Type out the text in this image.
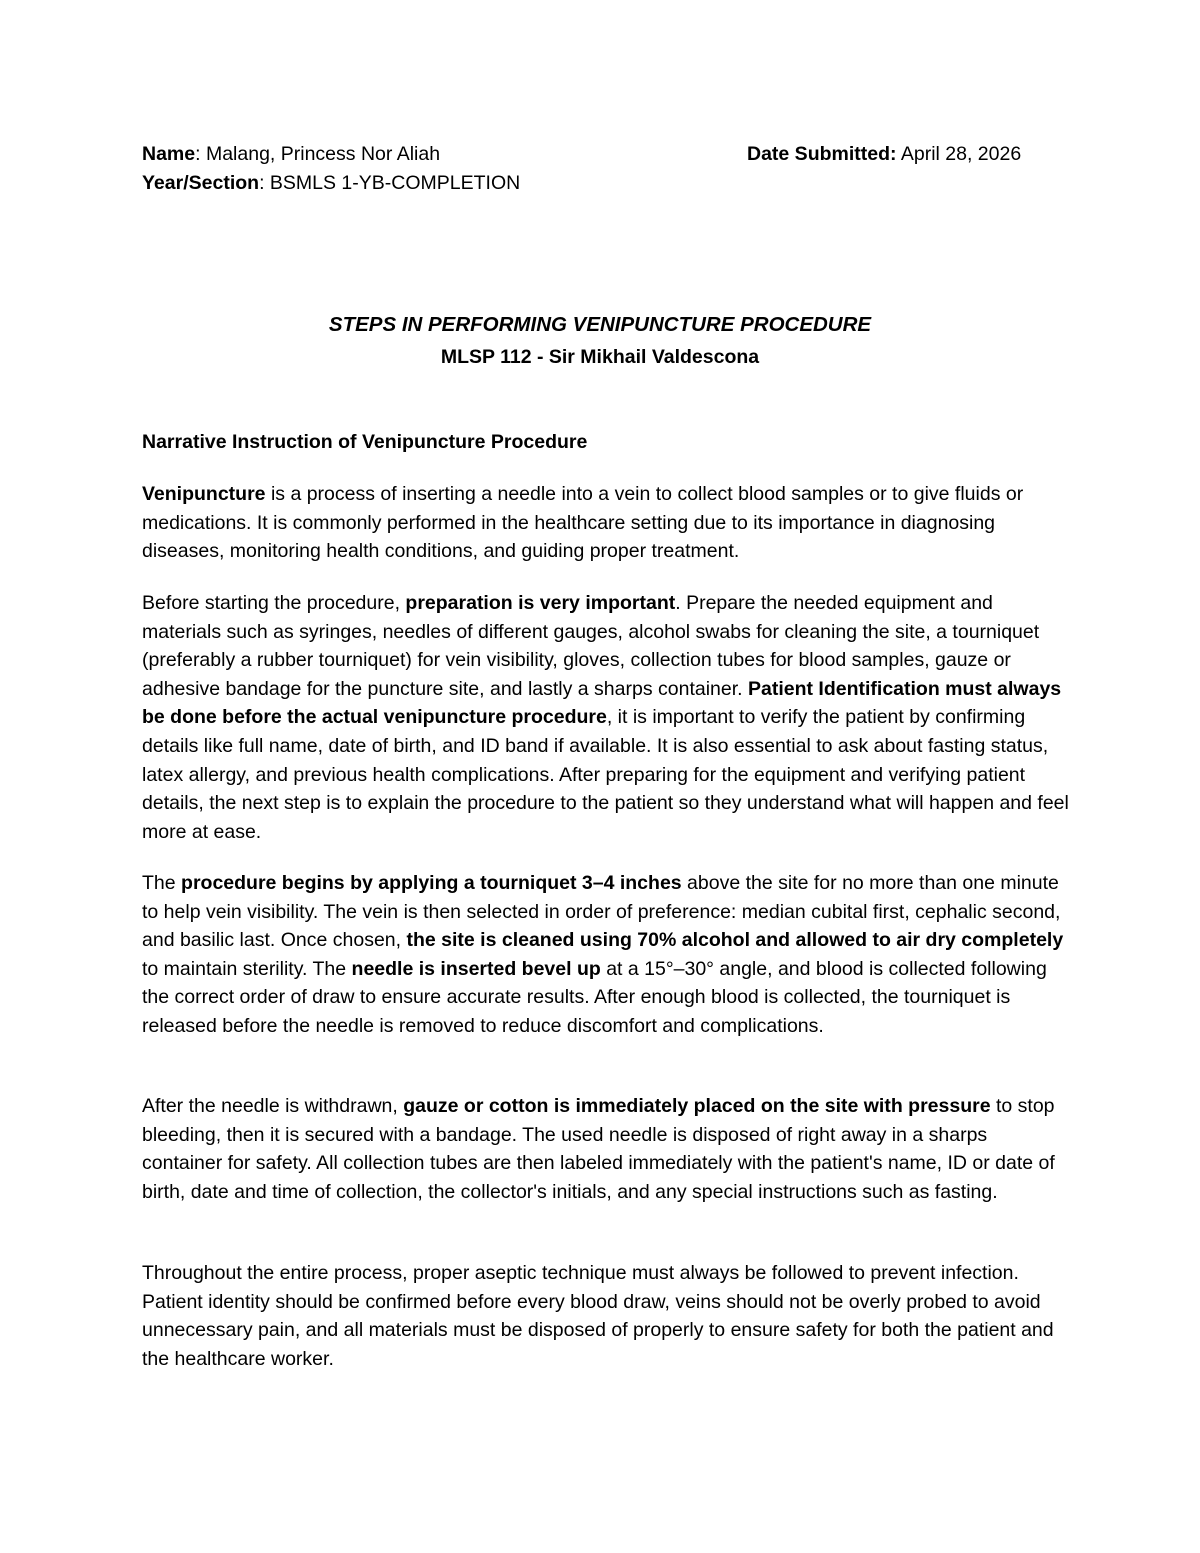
Name: Malang, Princess Nor Aliah	Date Submitted: April 28, 2026
Year/Section: BSMLS 1-YB-COMPLETION
STEPS IN PERFORMING VENIPUNCTURE PROCEDURE
MLSP 112 - Sir Mikhail Valdescona
Narrative Instruction of Venipuncture Procedure

Venipuncture is a process of inserting a needle into a vein to collect blood samples or to give fluids or medications. It is commonly performed in the healthcare setting due to its importance in diagnosing diseases, monitoring health conditions, and guiding proper treatment.

Before starting the procedure, preparation is very important. Prepare the needed equipment and materials such as syringes, needles of different gauges, alcohol swabs for cleaning the site, a tourniquet (preferably a rubber tourniquet) for vein visibility, gloves, collection tubes for blood samples, gauze or adhesive bandage for the puncture site, and lastly a sharps container. Patient Identification must always be done before the actual venipuncture procedure, it is important to verify the patient by confirming details like full name, date of birth, and ID band if available. It is also essential to ask about fasting status, latex allergy, and previous health complications. After preparing for the equipment and verifying patient details, the next step is to explain the procedure to the patient so they understand what will happen and feel more at ease.

The procedure begins by applying a tourniquet 3–4 inches above the site for no more than one minute to help vein visibility. The vein is then selected in order of preference: median cubital first, cephalic second, and basilic last. Once chosen, the site is cleaned using 70% alcohol and allowed to air dry completely to maintain sterility. The needle is inserted bevel up at a 15°–30° angle, and blood is collected following the correct order of draw to ensure accurate results. After enough blood is collected, the tourniquet is released before the needle is removed to reduce discomfort and complications.

After the needle is withdrawn, gauze or cotton is immediately placed on the site with pressure to stop bleeding, then it is secured with a bandage. The used needle is disposed of right away in a sharps container for safety. All collection tubes are then labeled immediately with the patient's name, ID or date of birth, date and time of collection, the collector's initials, and any special instructions such as fasting.

Throughout the entire process, proper aseptic technique must always be followed to prevent infection. Patient identity should be confirmed before every blood draw, veins should not be overly probed to avoid unnecessary pain, and all materials must be disposed of properly to ensure safety for both the patient and the healthcare worker.
